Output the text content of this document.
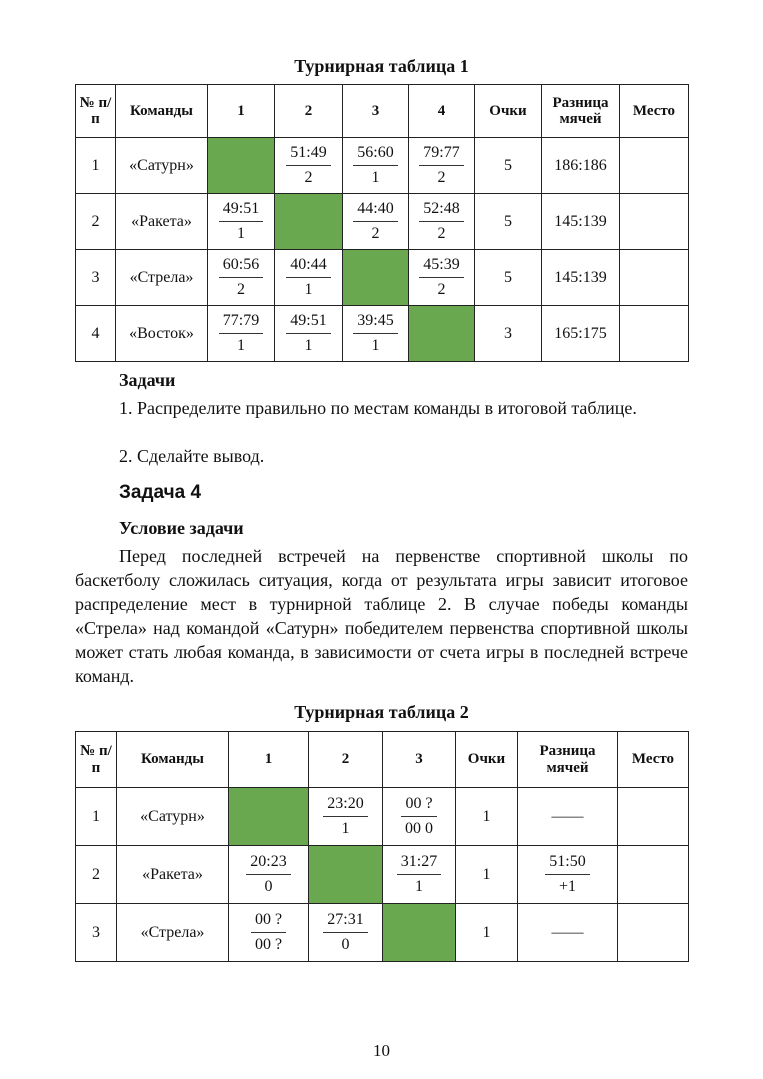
Турнирная таблица 1
№ п/п	Команды	1	2	3	4	Очки	Разница мячей	Место
1	«Сатурн»		$\frac{51:49}{2}$	$\frac{56:60}{1}$	$\frac{79:77}{2}$	5	186:186	
2	«Ракета»	$\frac{49:51}{1}$		$\frac{44:40}{2}$	$\frac{52:48}{2}$	5	145:139	
3	«Стрела»	$\frac{60:56}{2}$	$\frac{40:44}{1}$		$\frac{45:39}{2}$	5	145:139	
4	«Восток»	$\frac{77:79}{1}$	$\frac{49:51}{1}$	$\frac{39:45}{1}$		3	165:175	
Задачи

1. Распределите правильно по местам команды в итоговой таблице.

2. Сделайте вывод.

Задача 4
Условие задачи

Перед последней встречей на первенстве спортивной школы по баскетболу сложилась ситуация, когда от результата игры зависит итоговое распределение мест в турнирной таблице 2. В случае победы команды «Стрела» над командой «Сатурн» победителем первенства спортивной школы может стать любая команда, в зависимости от счета игры в последней встрече команд.

Турнирная таблица 2
№ п/п	Команды	1	2	3	Очки	Разница мячей	Место
1	«Сатурн»		$\frac{23:20}{1}$	$\frac{00 ?}{00 0}$	1	——	
2	«Ракета»	$\frac{20:23}{0}$		$\frac{31:27}{1}$	1	$\frac{51:50}{+1}$

3	«Стрела»	$\frac{00 ?}{00 ?}$	$\frac{27:31}{0}$		1	——	
10
